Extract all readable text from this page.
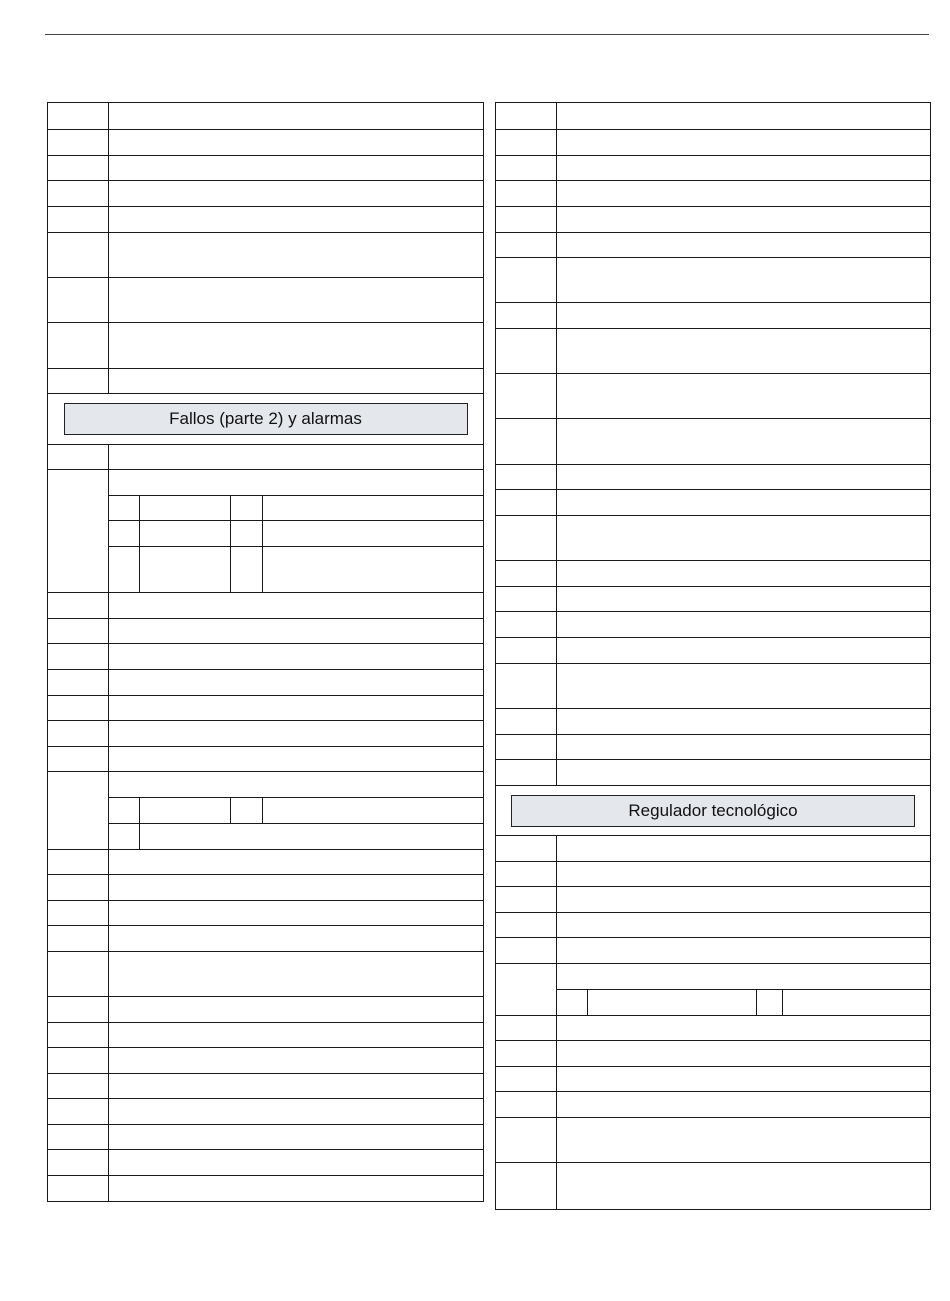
Fallos (parte 2) y alarmas
Regulador tecnológico
